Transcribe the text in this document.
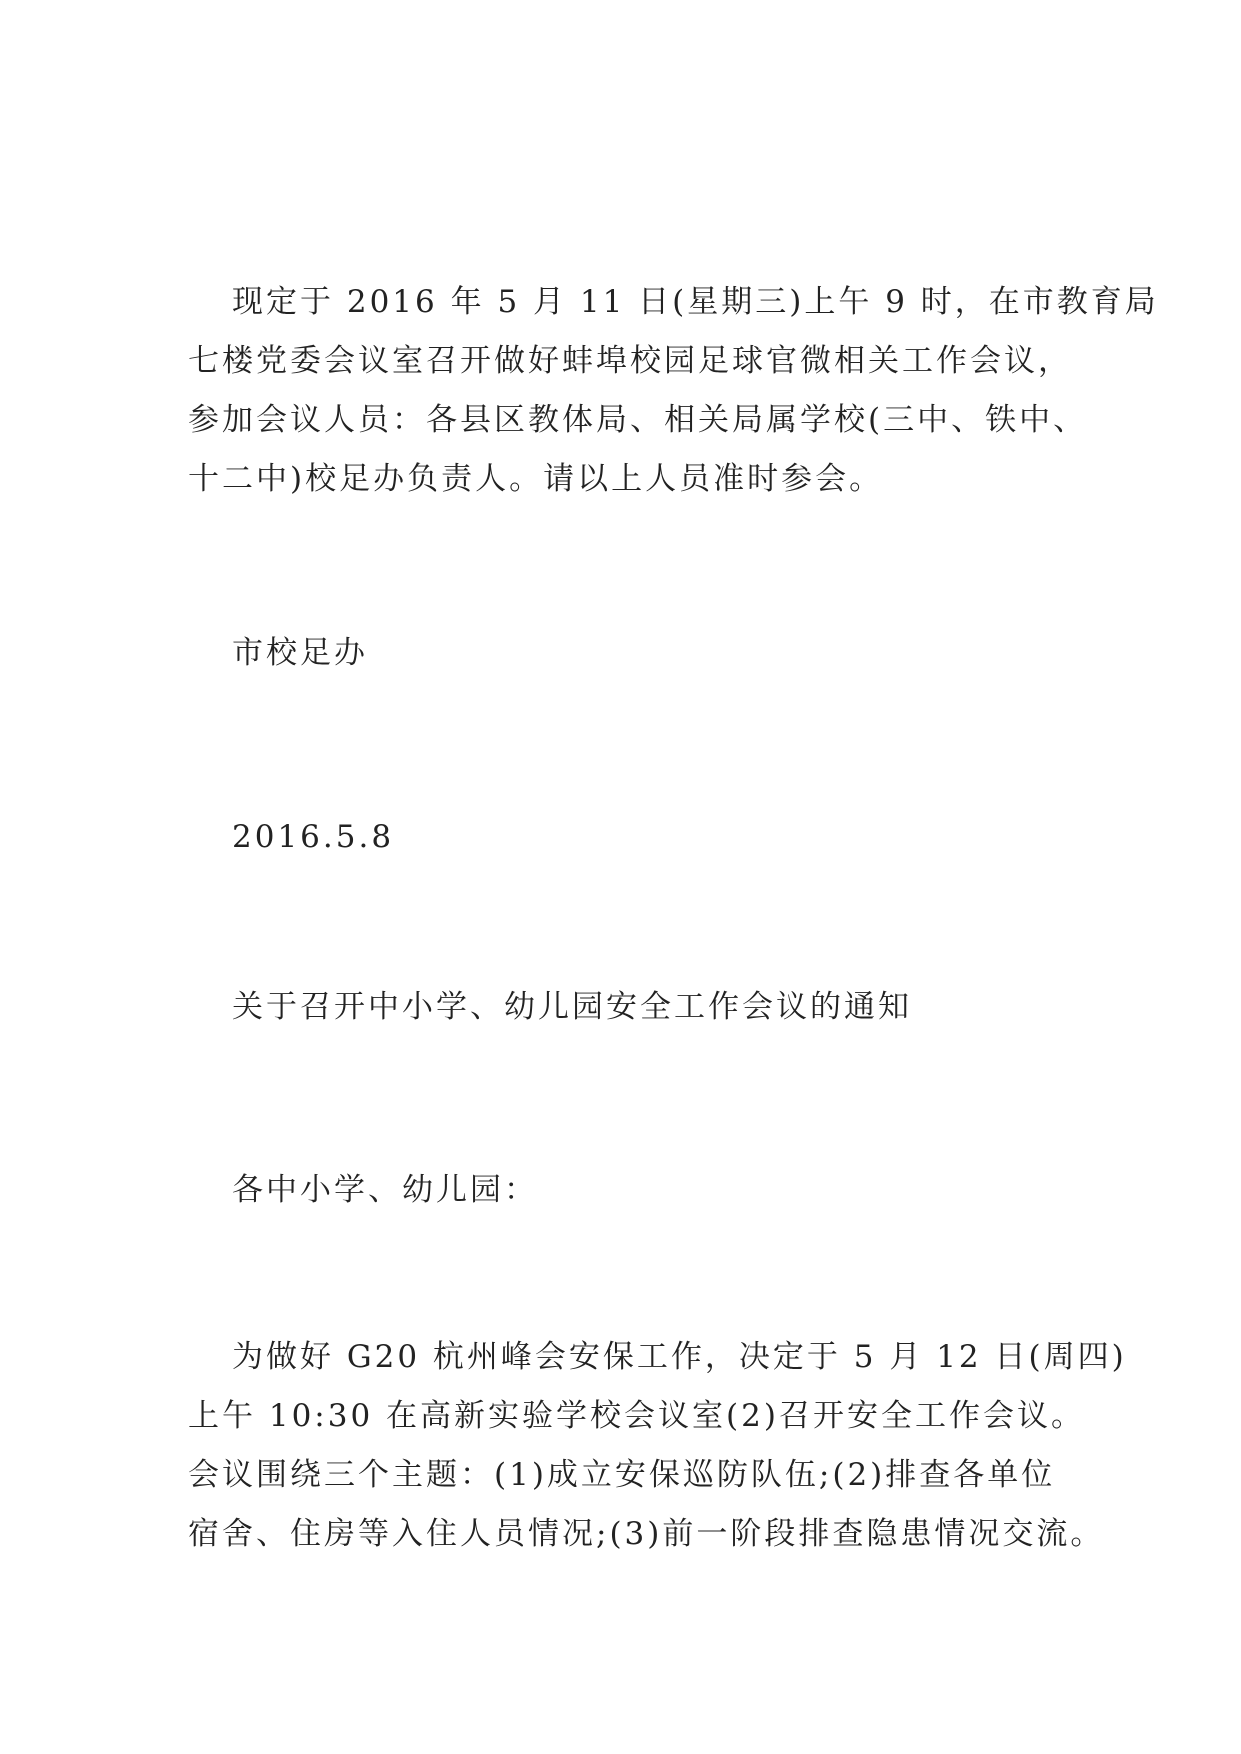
现定于 2016 年 5 月 11 日(星期三)上午 9 时，在市教育局
七楼党委会议室召开做好蚌埠校园足球官微相关工作会议，
参加会议人员：各县区教体局、相关局属学校(三中、铁中、
十二中)校足办负责人。请以上人员准时参会。
市校足办
2016.5.8
关于召开中小学、幼儿园安全工作会议的通知
各中小学、幼儿园：
为做好 G20 杭州峰会安保工作，决定于 5 月 12 日(周四)
上午 10:30 在高新实验学校会议室(2)召开安全工作会议。
会议围绕三个主题：(1)成立安保巡防队伍;(2)排查各单位
宿舍、住房等入住人员情况;(3)前一阶段排查隐患情况交流。
